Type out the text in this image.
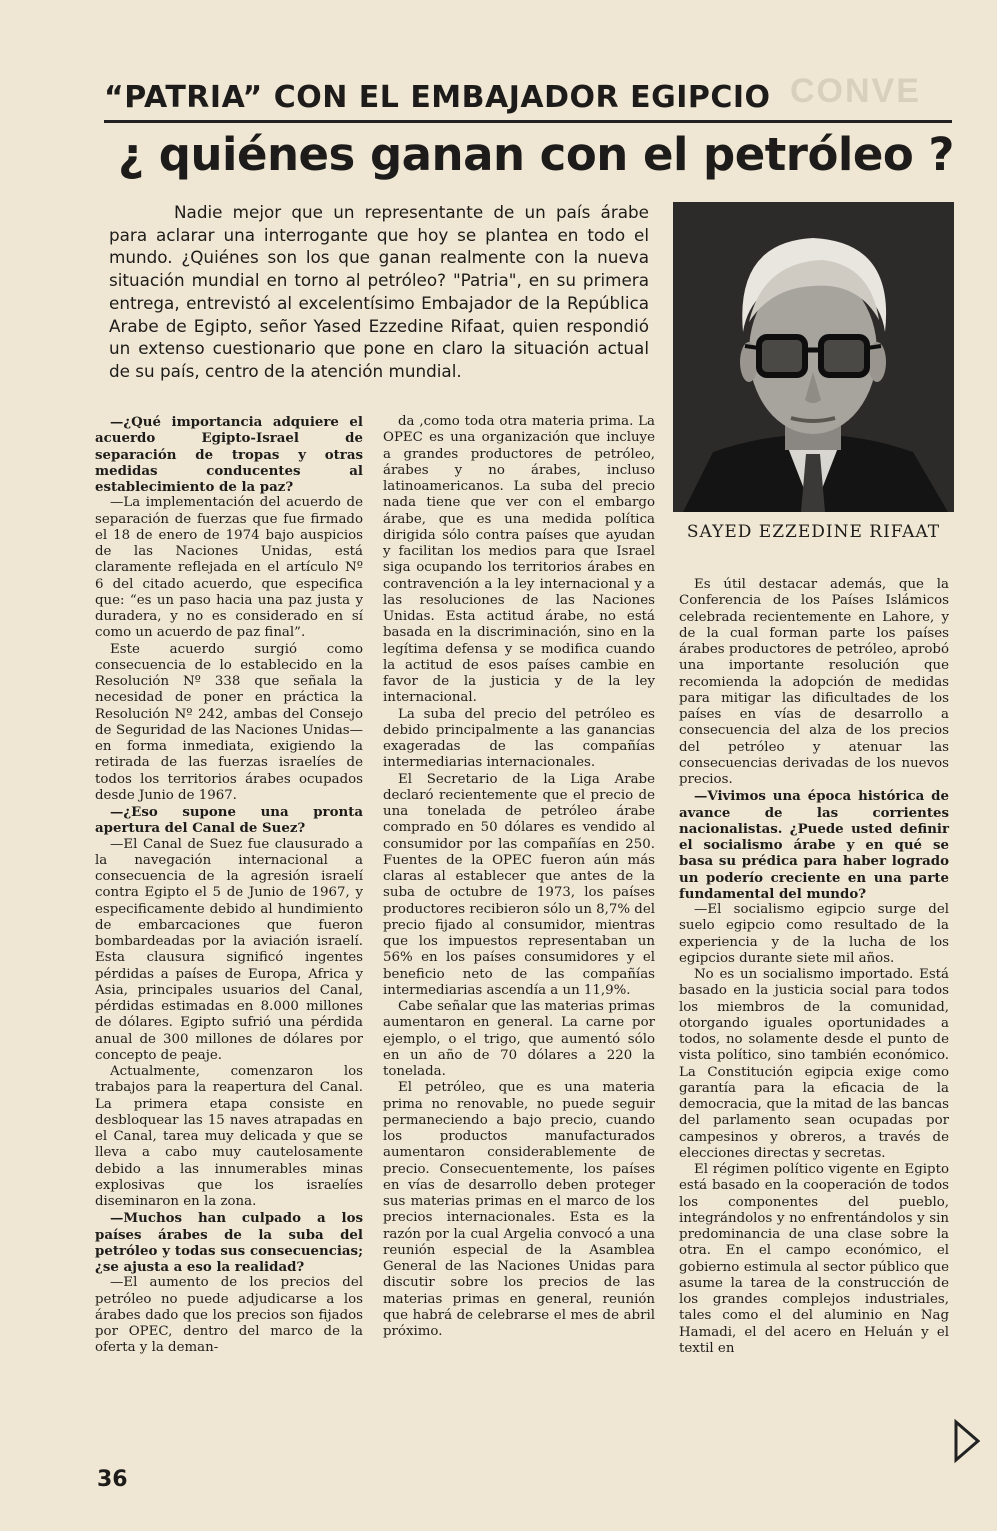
CONVE
“PATRIA” CON EL EMBAJADOR EGIPCIO
¿ quiénes ganan con el petróleo ?
Nadie mejor que un representante de un país árabe para aclarar una interrogante que hoy se plantea en todo el mundo. ¿Quiénes son los que ganan realmente con la nueva situación mundial en torno al petróleo? "Patria", en su primera entrega, entrevistó al excelentísimo Embajador de la República Arabe de Egipto, señor Yased Ezzedine Rifaat, quien respondió un extenso cuestionario que pone en claro la situación actual de su país, centro de la atención mundial.
SAYED EZZEDINE RIFAAT

—¿Qué importancia adquiere el acuerdo Egipto-Israel de separación de tropas y otras medidas conducentes al establecimiento de la paz?

—La implementación del acuerdo de separación de fuerzas que fue firmado el 18 de enero de 1974 bajo auspicios de las Naciones Unidas, está claramente reflejada en el artículo Nº 6 del citado acuerdo, que especifica que: “es un paso hacia una paz justa y duradera, y no es considerado en sí como un acuerdo de paz final”.

Este acuerdo surgió como consecuencia de lo establecido en la Resolución Nº 338 que señala la necesidad de poner en práctica la Resolución Nº 242, ambas del Consejo de Seguridad de las Naciones Unidas— en forma inmediata, exigiendo la retirada de las fuerzas israelíes de todos los territorios árabes ocupados desde Junio de 1967.

—¿Eso supone una pronta apertura del Canal de Suez?

—El Canal de Suez fue clausurado a la navegación internacional a consecuencia de la agresión israelí contra Egipto el 5 de Junio de 1967, y especificamente debido al hundimiento de embarcaciones que fueron bombardeadas por la aviación israelí. Esta clausura significó ingentes pérdidas a países de Europa, Africa y Asia, principales usuarios del Canal, pérdidas estimadas en 8.000 millones de dólares. Egipto sufrió una pérdida anual de 300 millones de dólares por concepto de peaje.

Actualmente, comenzaron los trabajos para la reapertura del Canal. La primera etapa consiste en desbloquear las 15 naves atrapadas en el Canal, tarea muy delicada y que se lleva a cabo muy cautelosamente debido a las innumerables minas explosivas que los israelíes diseminaron en la zona.

—Muchos han culpado a los países árabes de la suba del petróleo y todas sus consecuencias; ¿se ajusta a eso la realidad?

—El aumento de los precios del petróleo no puede adjudicarse a los árabes dado que los precios son fijados por OPEC, dentro del marco de la oferta y la deman-

da ,como toda otra materia prima. La OPEC es una organización que incluye a grandes productores de petróleo, árabes y no árabes, incluso latinoamericanos. La suba del precio nada tiene que ver con el embargo árabe, que es una medida política dirigida sólo contra países que ayudan y facilitan los medios para que Israel siga ocupando los territorios árabes en contravención a la ley internacional y a las resoluciones de las Naciones Unidas. Esta actitud árabe, no está basada en la discriminación, sino en la legítima defensa y se modifica cuando la actitud de esos países cambie en favor de la justicia y de la ley internacional.

La suba del precio del petróleo es debido principalmente a las ganancias exageradas de las compañías intermediarias internacionales.

El Secretario de la Liga Arabe declaró recientemente que el precio de una tonelada de petróleo árabe comprado en 50 dólares es vendido al consumidor por las compañías en 250. Fuentes de la OPEC fueron aún más claras al establecer que antes de la suba de octubre de 1973, los países productores recibieron sólo un 8,7% del precio fijado al consumidor, mientras que los impuestos representaban un 56% en los países consumidores y el beneficio neto de las compañías intermediarias ascendía a un 11,9%.

Cabe señalar que las materias primas aumentaron en general. La carne por ejemplo, o el trigo, que aumentó sólo en un año de 70 dólares a 220 la tonelada.

El petróleo, que es una materia prima no renovable, no puede seguir permaneciendo a bajo precio, cuando los productos manufacturados aumentaron considerablemente de precio. Consecuentemente, los países en vías de desarrollo deben proteger sus materias primas en el marco de los precios internacionales. Esta es la razón por la cual Argelia convocó a una reunión especial de la Asamblea General de las Naciones Unidas para discutir sobre los precios de las materias primas en general, reunión que habrá de celebrarse el mes de abril próximo.

Es útil destacar además, que la Conferencia de los Países Islámicos celebrada recientemente en Lahore, y de la cual forman parte los países árabes productores de petróleo, aprobó una importante resolución que recomienda la adopción de medidas para mitigar las dificultades de los países en vías de desarrollo a consecuencia del alza de los precios del petróleo y atenuar las consecuencias derivadas de los nuevos precios.

—Vivimos una época histórica de avance de las corrientes nacionalistas. ¿Puede usted definir el socialismo árabe y en qué se basa su prédica para haber logrado un poderío creciente en una parte fundamental del mundo?

—El socialismo egipcio surge del suelo egipcio como resultado de la experiencia y de la lucha de los egipcios durante siete mil años.

No es un socialismo importado. Está basado en la justicia social para todos los miembros de la comunidad, otorgando iguales oportunidades a todos, no solamente desde el punto de vista político, sino también económico. La Constitución egipcia exige como garantía para la eficacia de la democracia, que la mitad de las bancas del parlamento sean ocupadas por campesinos y obreros, a través de elecciones directas y secretas.

El régimen político vigente en Egipto está basado en la cooperación de todos los componentes del pueblo, integrándolos y no enfrentándolos y sin predominancia de una clase sobre la otra. En el campo económico, el gobierno estimula al sector público que asume la tarea de la construcción de los grandes complejos industriales, tales como el del aluminio en Nag Hamadi, el del acero en Heluán y el textil en

36
